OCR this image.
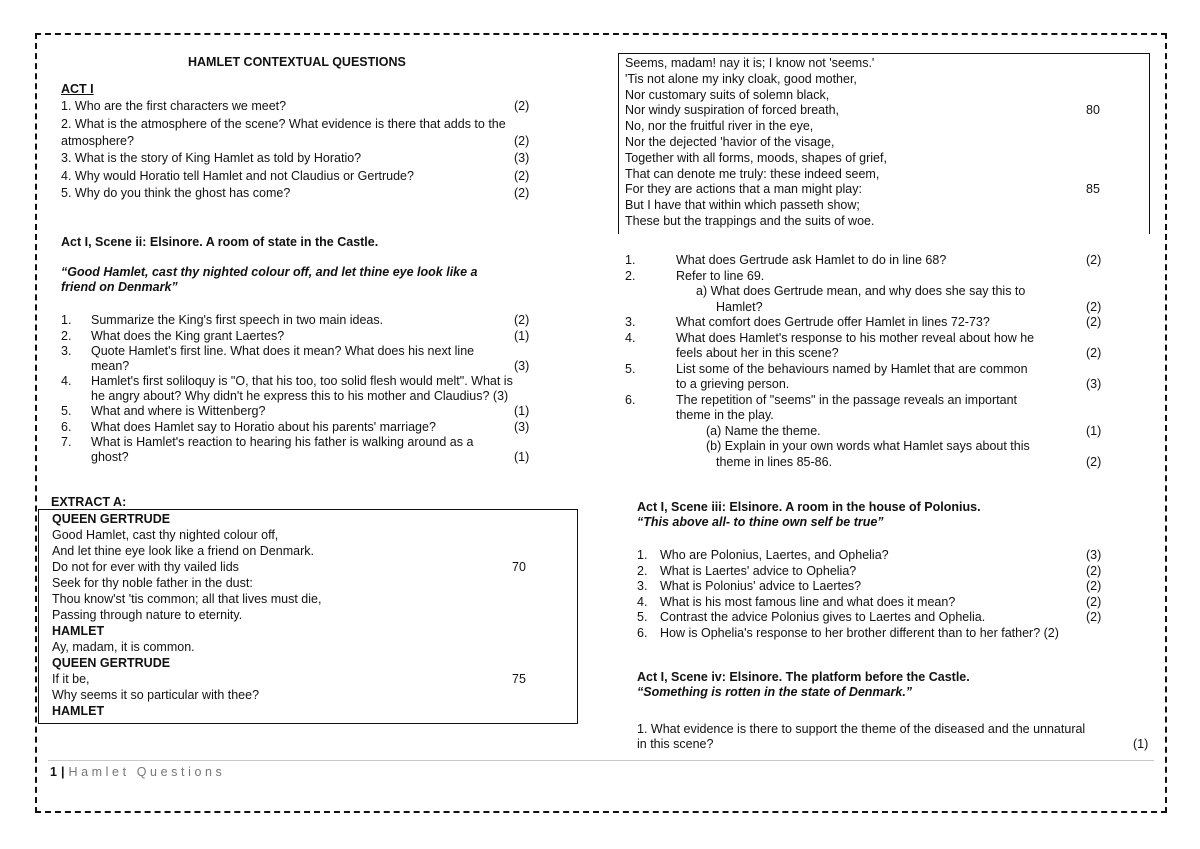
HAMLET CONTEXTUAL QUESTIONS
ACT I
1. Who are the first characters we meet?	(2)
2. What is the atmosphere of the scene? What evidence is there that adds to the
atmosphere?	(2)
3. What is the story of King Hamlet as told by Horatio?	(3)
4. Why would Horatio tell Hamlet and not Claudius or Gertrude?	(2)
5. Why do you think the ghost has come?	(2)
Act I, Scene ii: Elsinore. A room of state in the Castle.
“Good Hamlet, cast thy nighted colour off, and let thine eye look like a
friend on Denmark”
1. Summarize the King's first speech in two main ideas.	(2)
2. What does the King grant Laertes?	(1)
3. Quote Hamlet's first line. What does it mean? What does his next line
mean?	(3)
4. Hamlet's first soliloquy is "O, that his too, too solid flesh would melt". What is
he angry about? Why didn't he express this to his mother and Claudius? (3)
5. What and where is Wittenberg?	(1)
6. What does Hamlet say to Horatio about his parents' marriage?	(3)
7. What is Hamlet's reaction to hearing his father is walking around as a
ghost?	(1)
EXTRACT A:
QUEEN GERTRUDE
Good Hamlet, cast thy nighted colour off,
And let thine eye look like a friend on Denmark.
Do not for ever with thy vailed lids	70
Seek for thy noble father in the dust:
Thou know'st 'tis common; all that lives must die,
Passing through nature to eternity.
HAMLET
Ay, madam, it is common.
QUEEN GERTRUDE
If it be,	75
Why seems it so particular with thee?
HAMLET
Seems, madam! nay it is; I know not 'seems.'
'Tis not alone my inky cloak, good mother,
Nor customary suits of solemn black,
Nor windy suspiration of forced breath,	80
No, nor the fruitful river in the eye,
Nor the dejected 'havior of the visage,
Together with all forms, moods, shapes of grief,
That can denote me truly: these indeed seem,
For they are actions that a man might play:	85
But I have that within which passeth show;
These but the trappings and the suits of woe.
1.	What does Gertrude ask Hamlet to do in line 68?	(2)
2.	Refer to line 69.
a) What does Gertrude mean, and why does she say this to
Hamlet?	(2)
3.	What comfort does Gertrude offer Hamlet in lines 72-73?	(2)
4.	What does Hamlet's response to his mother reveal about how he
feels about her in this scene?	(2)
5.	List some of the behaviours named by Hamlet that are common
to a grieving person.	(3)
6.	The repetition of "seems" in the passage reveals an important
theme in the play.
(a) Name the theme.	(1)
(b) Explain in your own words what Hamlet says about this
theme in lines 85-86.	(2)
Act I, Scene iii: Elsinore. A room in the house of Polonius.
“This above all- to thine own self be true”
1. Who are Polonius, Laertes, and Ophelia?	(3)
2. What is Laertes' advice to Ophelia?	(2)
3. What is Polonius' advice to Laertes?	(2)
4. What is his most famous line and what does it mean?	(2)
5. Contrast the advice Polonius gives to Laertes and Ophelia.	(2)
6. How is Ophelia's response to her brother different than to her father? (2)
Act I, Scene iv: Elsinore. The platform before the Castle.
“Something is rotten in the state of Denmark.”
1. What evidence is there to support the theme of the diseased and the unnatural
in this scene?	(1)
1 | Hamlet Questions
